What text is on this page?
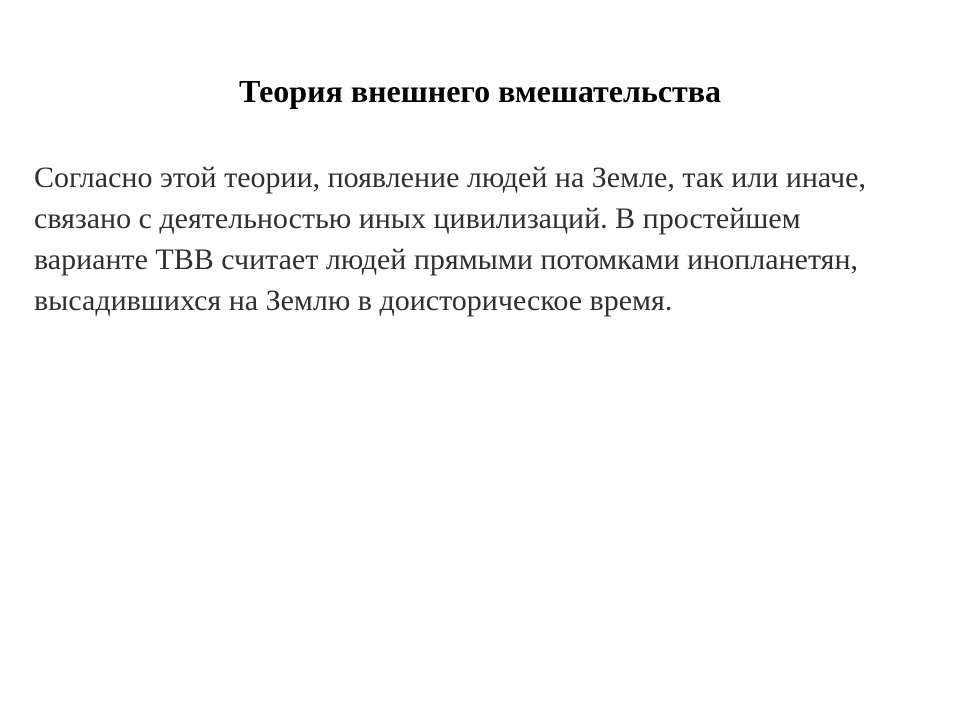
Теория внешнего вмешательства

Согласно этой теории, появление людей на Земле, так или иначе,
связано с деятельностью иных цивилизаций. В простейшем
варианте ТВВ считает людей прямыми потомками инопланетян,
высадившихся на Землю в доисторическое время.
